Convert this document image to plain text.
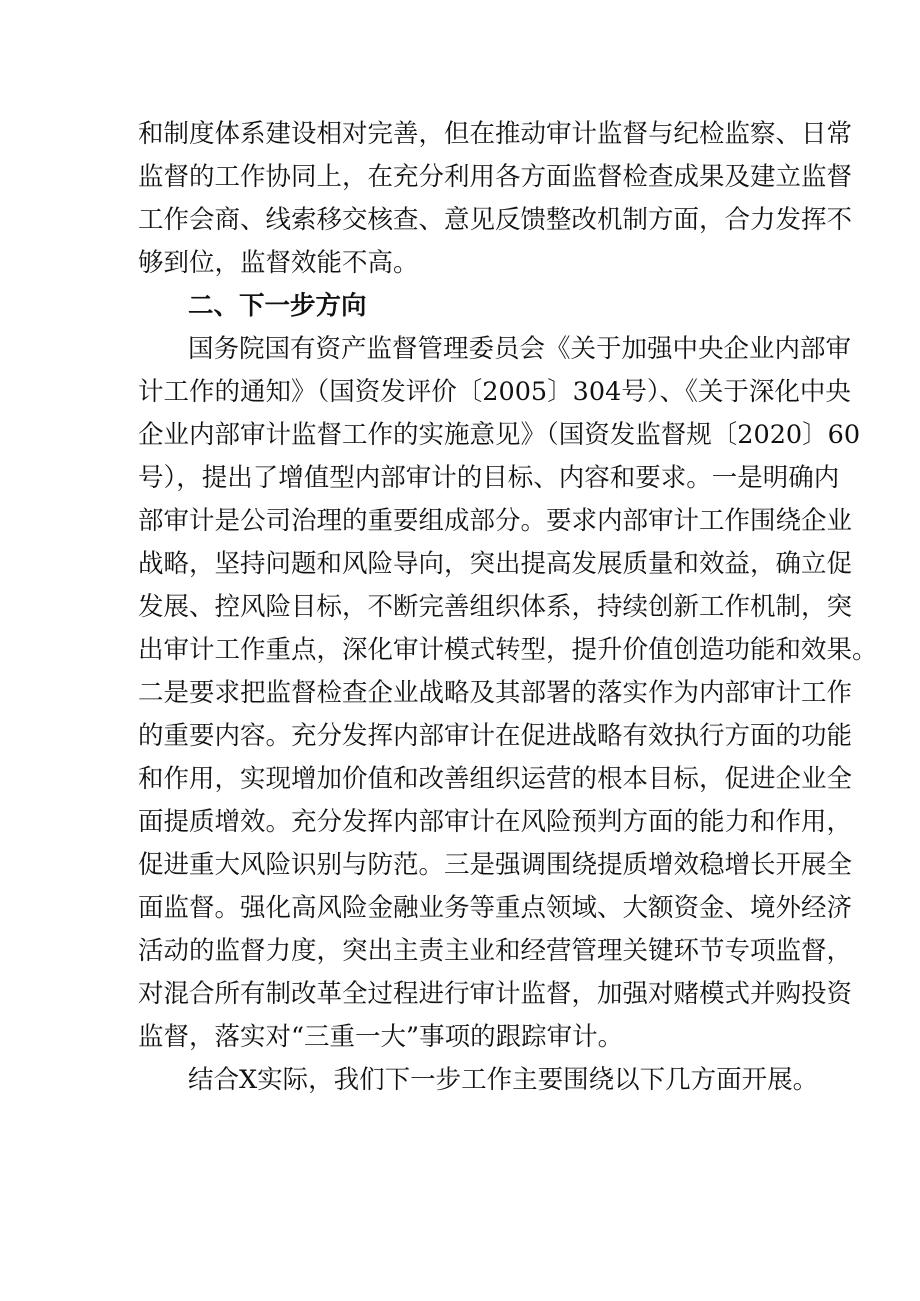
和制度体系建设相对完善，但在推动审计监督与纪检监察、日常
监督的工作协同上，在充分利用各方面监督检查成果及建立监督
工作会商、线索移交核查、意见反馈整改机制方面，合力发挥不
够到位，监督效能不高。
二、下一步方向
国务院国有资产监督管理委员会《关于加强中央企业内部审
计工作的通知》（国资发评价〔2005〕304号）、《关于深化中央
企业内部审计监督工作的实施意见》（国资发监督规〔2020〕60
号），提出了增值型内部审计的目标、内容和要求。一是明确内
部审计是公司治理的重要组成部分。要求内部审计工作围绕企业
战略，坚持问题和风险导向，突出提高发展质量和效益，确立促
发展、控风险目标，不断完善组织体系，持续创新工作机制，突
出审计工作重点，深化审计模式转型，提升价值创造功能和效果。
二是要求把监督检查企业战略及其部署的落实作为内部审计工作
的重要内容。充分发挥内部审计在促进战略有效执行方面的功能
和作用，实现增加价值和改善组织运营的根本目标，促进企业全
面提质增效。充分发挥内部审计在风险预判方面的能力和作用，
促进重大风险识别与防范。三是强调围绕提质增效稳增长开展全
面监督。强化高风险金融业务等重点领域、大额资金、境外经济
活动的监督力度，突出主责主业和经营管理关键环节专项监督，
对混合所有制改革全过程进行审计监督，加强对赌模式并购投资
监督，落实对“三重一大”事项的跟踪审计。
结合X实际，我们下一步工作主要围绕以下几方面开展。
